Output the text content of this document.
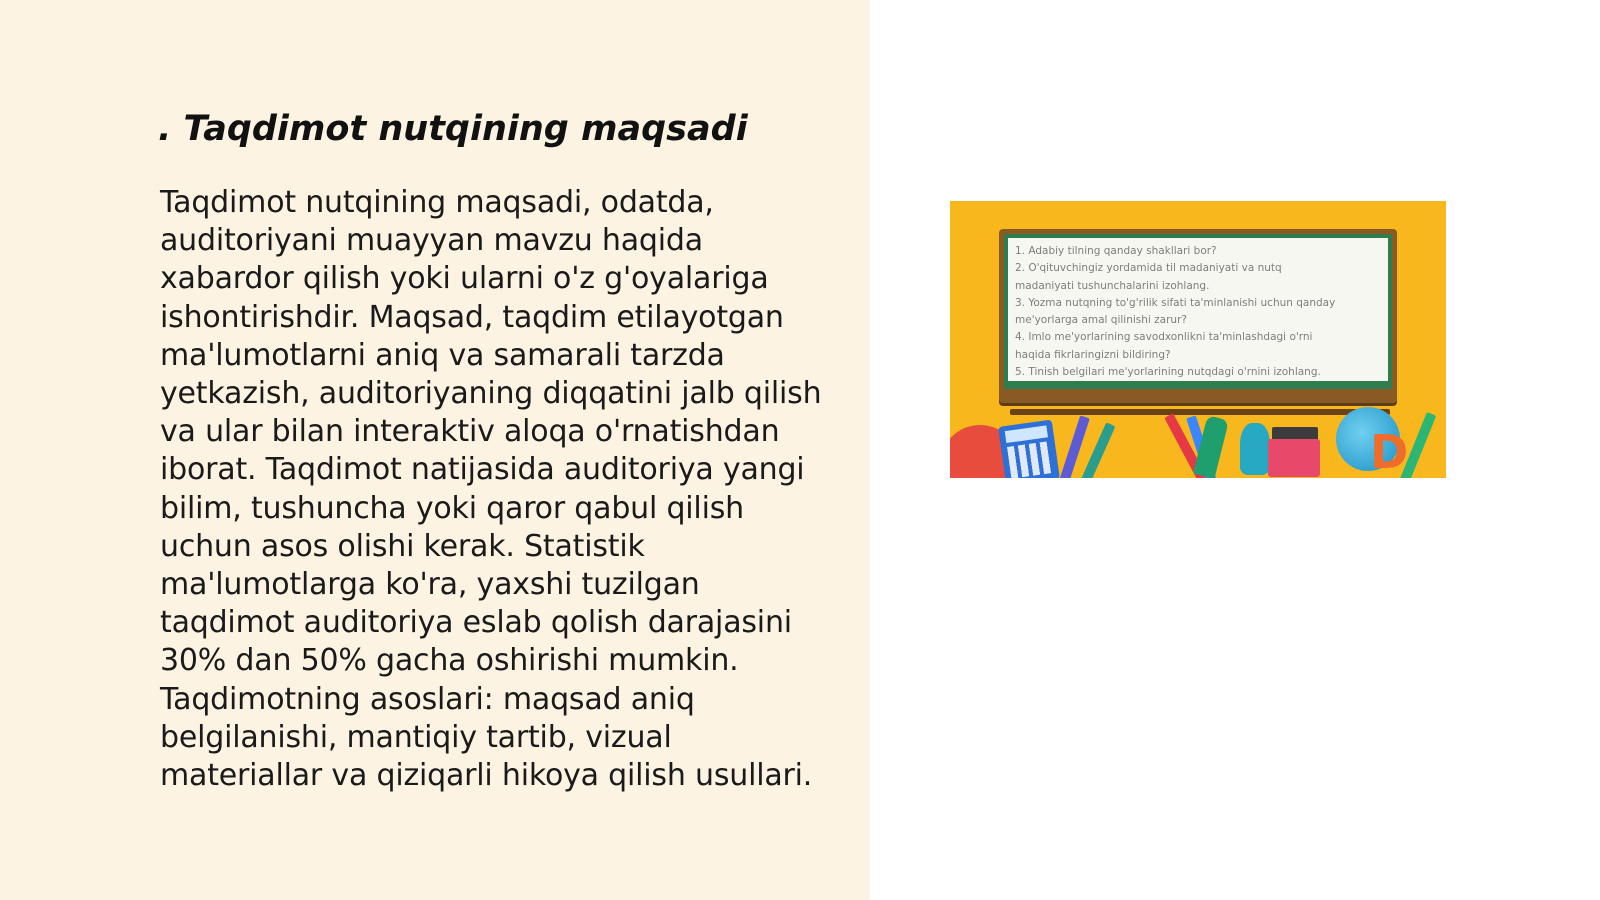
. Taqdimot nutqining maqsadi

Taqdimot nutqining maqsadi, odatda,
auditoriyani muayyan mavzu haqida
xabardor qilish yoki ularni o'z g'oyalariga
ishontirishdir. Maqsad, taqdim etilayotgan
ma'lumotlarni aniq va samarali tarzda
yetkazish, auditoriyaning diqqatini jalb qilish
va ular bilan interaktiv aloqa o'rnatishdan
iborat. Taqdimot natijasida auditoriya yangi
bilim, tushuncha yoki qaror qabul qilish
uchun asos olishi kerak. Statistik
ma'lumotlarga ko'ra, yaxshi tuzilgan
taqdimot auditoriya eslab qolish darajasini
30% dan 50% gacha oshirishi mumkin.
Taqdimotning asoslari: maqsad aniq
belgilanishi, mantiqiy tartib, vizual
materiallar va qiziqarli hikoya qilish usullari.

1. Adabiy tilning qanday shakllari bor?
2. O'qituvchingiz yordamida til madaniyati va nutq
madaniyati tushunchalarini izohlang.
3. Yozma nutqning to'g'rilik sifati ta'minlanishi uchun qanday
me'yorlarga amal qilinishi zarur?
4. Imlo me'yorlarining savodxonlikni ta'minlashdagi o'rni
haqida fikrlaringizni bildiring?
5. Tinish belgilari me'yorlarining nutqdagi o'rnini izohlang.
D
